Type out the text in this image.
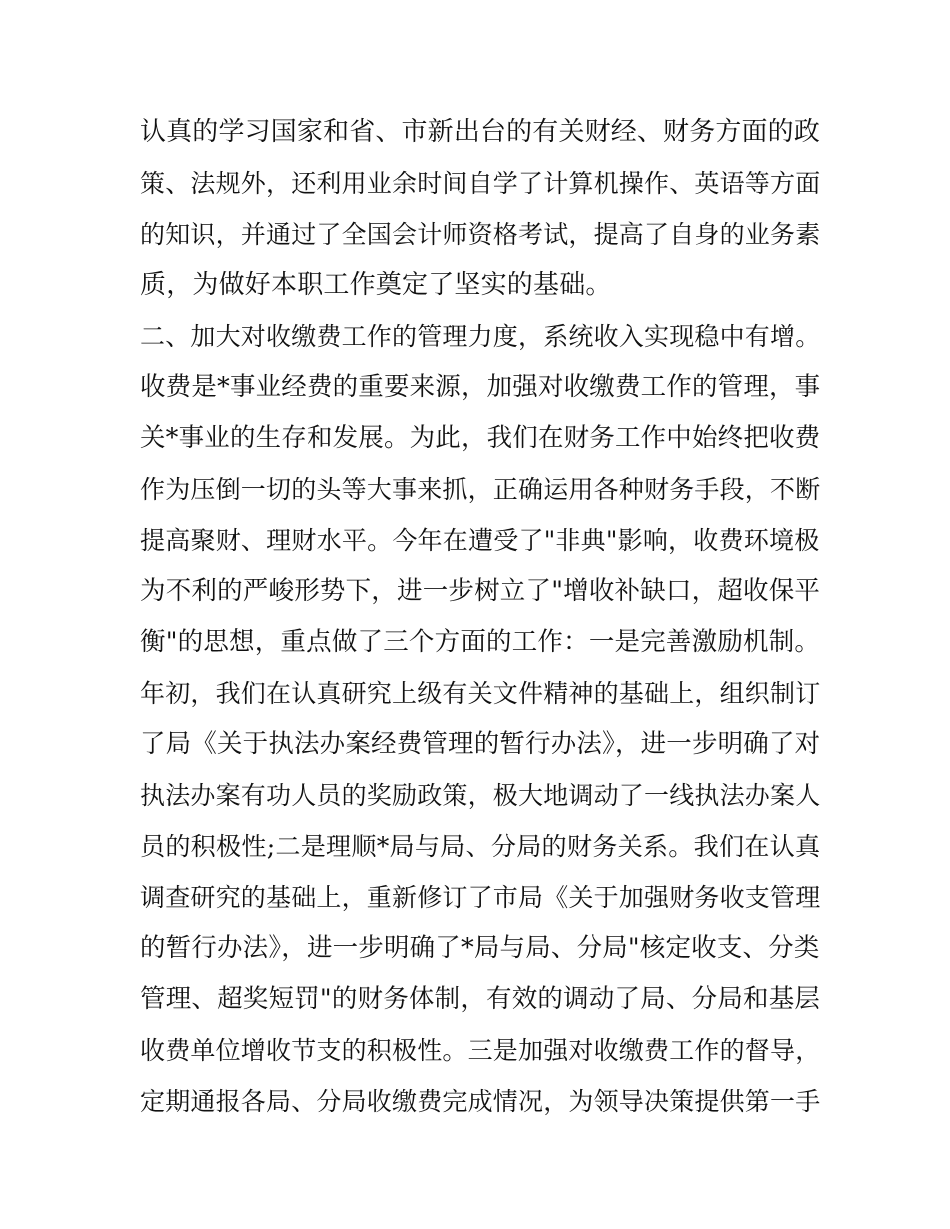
认真的学习国家和省、市新出台的有关财经、财务方面的政
策、法规外，还利用业余时间自学了计算机操作、英语等方面
的知识，并通过了全国会计师资格考试，提高了自身的业务素
质，为做好本职工作奠定了坚实的基础。
二、加大对收缴费工作的管理力度，系统收入实现稳中有增。
收费是*事业经费的重要来源，加强对收缴费工作的管理，事
关*事业的生存和发展。为此，我们在财务工作中始终把收费
作为压倒一切的头等大事来抓，正确运用各种财务手段，不断
提高聚财、理财水平。今年在遭受了"非典"影响，收费环境极
为不利的严峻形势下，进一步树立了"增收补缺口，超收保平
衡"的思想，重点做了三个方面的工作：一是完善激励机制。
年初，我们在认真研究上级有关文件精神的基础上，组织制订
了局《关于执法办案经费管理的暂行办法》，进一步明确了对
执法办案有功人员的奖励政策，极大地调动了一线执法办案人
员的积极性;二是理顺*局与局、分局的财务关系。我们在认真
调查研究的基础上，重新修订了市局《关于加强财务收支管理
的暂行办法》，进一步明确了*局与局、分局"核定收支、分类
管理、超奖短罚"的财务体制，有效的调动了局、分局和基层
收费单位增收节支的积极性。三是加强对收缴费工作的督导，
定期通报各局、分局收缴费完成情况，为领导决策提供第一手
